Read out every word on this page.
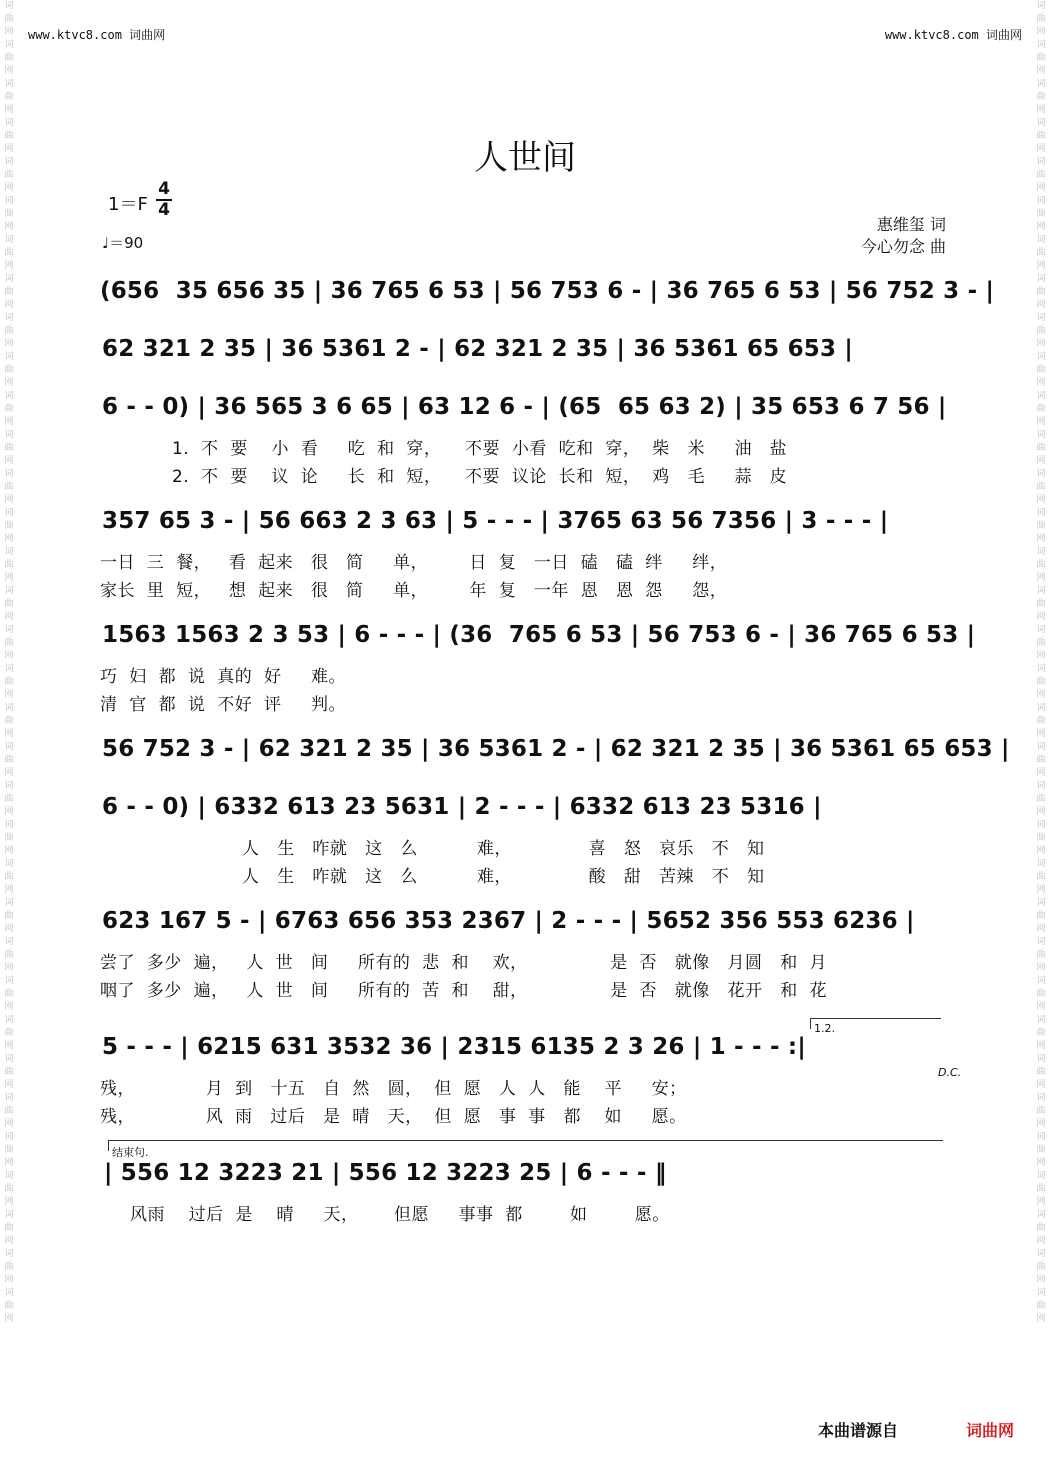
词曲网词曲网词曲网词曲网词曲网词曲网词曲网词曲网词曲网词曲网词曲网词曲网词曲网词曲网词曲网词曲网词曲网词曲网词曲网词曲网词曲网词曲网词曲网词曲网词曲网词曲网词曲网词曲网词曲网词曲网词曲网词曲网词曲网词曲网
词曲网词曲网词曲网词曲网词曲网词曲网词曲网词曲网词曲网词曲网词曲网词曲网词曲网词曲网词曲网词曲网词曲网词曲网词曲网词曲网词曲网词曲网词曲网词曲网词曲网词曲网词曲网词曲网词曲网词曲网词曲网词曲网词曲网词曲网
www.ktvc8.com 词曲网	www.ktvc8.com 词曲网
人世间
1＝F
4
4
♩＝90
惠维玺 词
今心勿念 曲
(656  35 656 35 | 36 765 6 53 | 56 753 6 - | 36 765 6 53 | 56 752 3 - |
62 321 2 35 | 36 5361 2 - | 62 321 2 35 | 36 5361 65 653 |
6 - - 0) | 36 565 3 6 65 | 63 12 6 - | (65  65 63 2) | 35 653 6 7 56 |
1.  不  要    小  看     吃  和  穿，    不要  小看  吃和  穿，  柴   米     油   盐
2.  不  要    议  论     长  和  短，    不要  议论  长和  短，  鸡   毛     蒜   皮
357 65 3 - | 56 663 2 3 63 | 5 - - - | 3765 63 56 7356 | 3 - - - |
一日  三  餐，   看  起来   很   简     单，       日  复   一日  磕   磕  绊     绊，
家长  里  短，   想  起来   很   简     单，       年  复   一年  恩   恩  怨     怨，
1563 1563 2 3 53 | 6 - - - | (36  765 6 53 | 56 753 6 - | 36 765 6 53 |
巧  妇  都  说  真的  好     难。
清  官  都  说  不好  评     判。
56 752 3 - | 62 321 2 35 | 36 5361 2 - | 62 321 2 35 | 36 5361 65 653 |
6 - - 0) | 6332 613 23 5631 | 2 - - - | 6332 613 23 5316 |
人   生   咋就   这   么          难，             喜   怒   哀乐   不   知
人   生   咋就   这   么          难，             酸   甜   苦辣   不   知
623 167 5 - | 6763 656 353 2367 | 2 - - - | 5652 356 553 6236 |
尝了  多少  遍，   人  世   间     所有的  悲  和    欢，              是  否   就像   月圆   和  月
咽了  多少  遍，   人  世   间     所有的  苦  和    甜，              是  否   就像   花开   和  花
1.2.
5 - - - | 6215 631 3532 36 | 2315 6135 2 3 26 | 1 - - - :|
D.C.
残，            月  到   十五   自  然   圆，  但  愿   人  人   能    平     安；
残，            风  雨   过后   是  晴   天，  但  愿   事  事   都    如     愿。
结束句.
| 556 12 3223 21 | 556 12 3223 25 | 6 - - - ‖
风雨    过后  是    晴     天，      但愿     事事  都        如        愿。
本曲谱源自	词曲网
